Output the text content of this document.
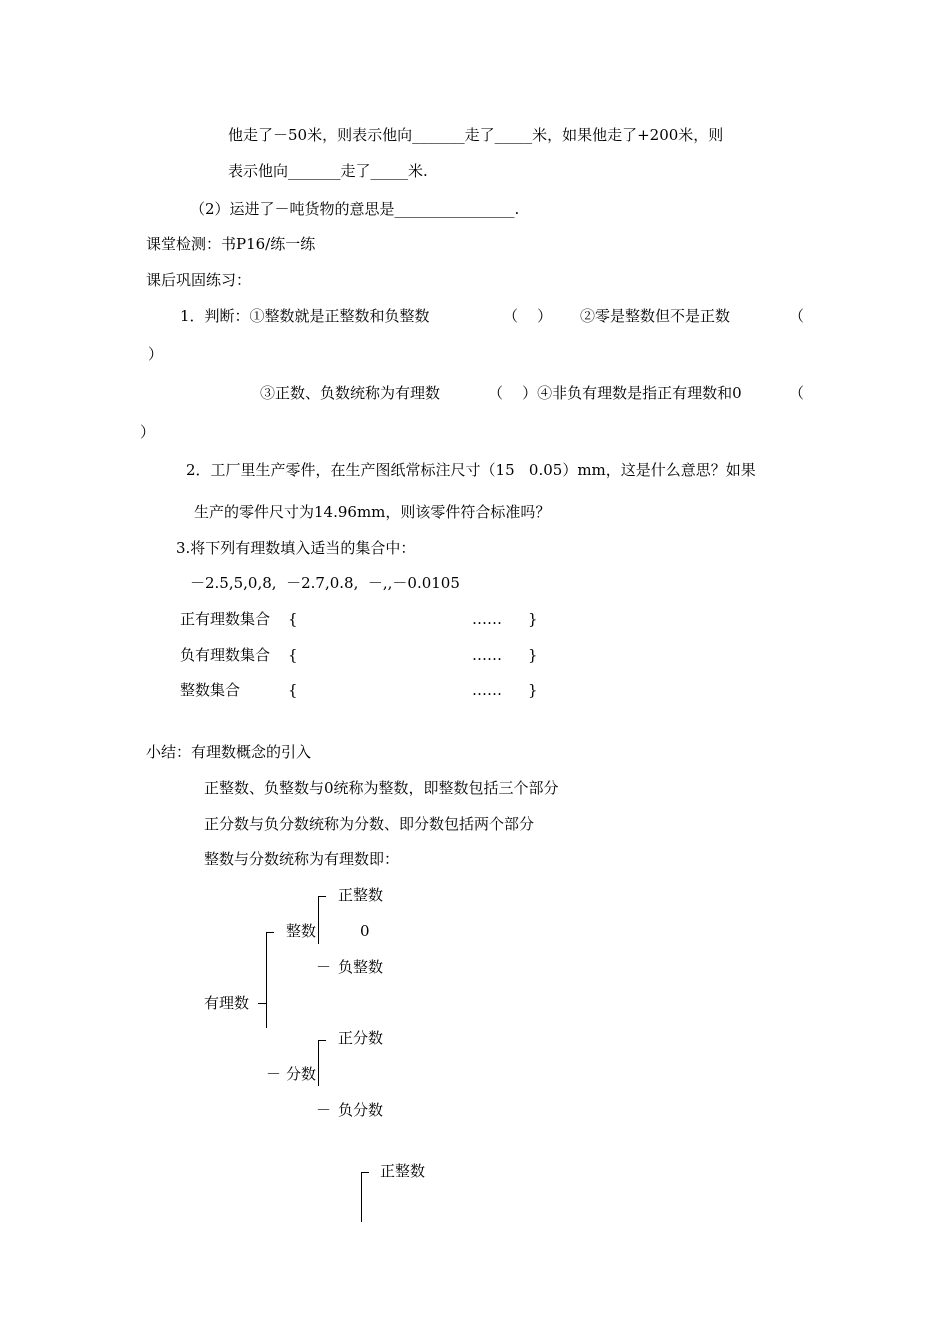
他走了－50米，则表示他向_______走了_____米，如果他走了+200米，则
表示他向_______走了_____米.
（2）运进了－吨货物的意思是________________.
课堂检测：书P16/练一练
课后巩固练习：
1．判断：①整数就是正整数和负整数	（    ） ②零是整数但不是正数	（
）
③正数、负数统称为有理数	（    ）④非负有理数是指正有理数和0	（
）
2．工厂里生产零件，在生产图纸常标注尺寸（15   0.05）mm，这是什么意思？如果
生产的零件尺寸为14.96mm，则该零件符合标准吗？
3.将下列有理数填入适当的集合中：
－2.5,5,0,8,  －2.7,0.8,  －,,－0.0105
正有理数集合 {	…… }
负有理数集合 {	…… }
整数集合	{	…… }
小结：有理数概念的引入
正整数、负整数与0统称为整数，即整数包括三个部分
正分数与负分数统称为分数、即分数包括两个部分
整数与分数统称为有理数即：
有理数
整数
正整数
0
－ 负整数
－ 分数
正分数
－ 负分数
正整数
